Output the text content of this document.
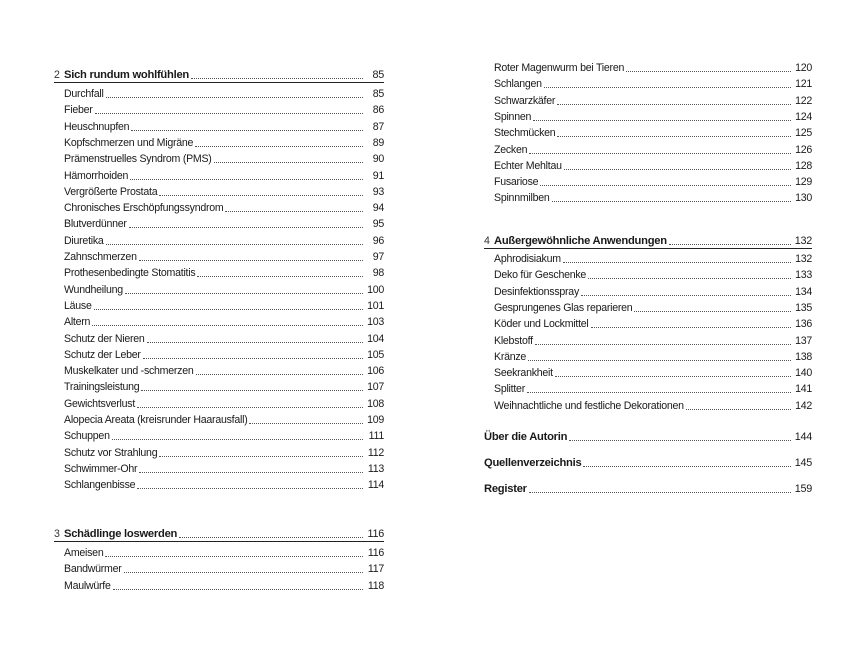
2 Sich rundum wohlfühlen	85
Durchfall	85
Fieber	86
Heuschnupfen	87
Kopfschmerzen und Migräne	89
Prämenstruelles Syndrom (PMS)	90
Hämorrhoiden	91
Vergrößerte Prostata	93
Chronisches Erschöpfungssyndrom	94
Blutverdünner	95
Diuretika	96
Zahnschmerzen	97
Prothesenbedingte Stomatitis	98
Wundheilung	100
Läuse	101
Altern	103
Schutz der Nieren	104
Schutz der Leber	105
Muskelkater und -schmerzen	106
Trainingsleistung	107
Gewichtsverlust	108
Alopecia Areata (kreisrunder Haarausfall)	109
Schuppen	111
Schutz vor Strahlung	112
Schwimmer-Ohr	113
Schlangenbisse	114
3 Schädlinge loswerden	116
Ameisen	116
Bandwürmer	117
Maulwürfe	118
Roter Magenwurm bei Tieren	120
Schlangen	121
Schwarzkäfer	122
Spinnen	124
Stechmücken	125
Zecken	126
Echter Mehltau	128
Fusariose	129
Spinnmilben	130
4 Außergewöhnliche Anwendungen	132
Aphrodisiakum	132
Deko für Geschenke	133
Desinfektionsspray	134
Gesprungenes Glas reparieren	135
Köder und Lockmittel	136
Klebstoff	137
Kränze	138
Seekrankheit	140
Splitter	141
Weihnachtliche und festliche Dekorationen	142
Über die Autorin	144
Quellenverzeichnis	145
Register	159
